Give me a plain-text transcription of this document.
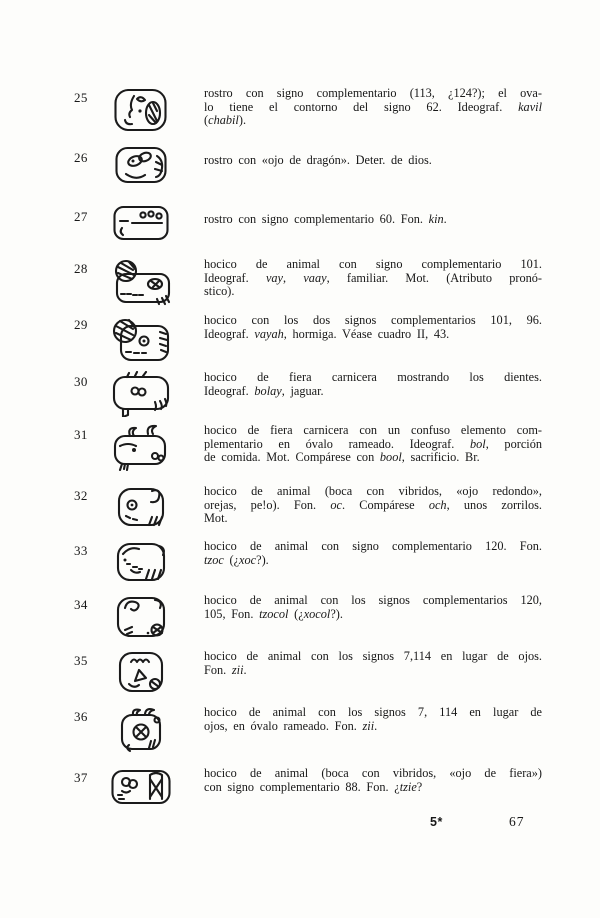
25	rostro con signo complementario (113, ¿124?); el ova-
lo tiene el contorno del signo 62. Ideograf. kavil
(chabil).
26	rostro con «ojo de dragón». Deter. de dios.
27	rostro con signo complementario 60. Fon. kin.
28	hocico de animal con signo complementario 101.
Ideograf. vay, vaay, familiar. Mot. (Atributo pronó-
stico).
29	hocico con los dos signos complementarios 101, 96.
Ideograf. vayah, hormiga. Véase cuadro II, 43.
30	hocico de fiera carnicera mostrando los dientes.
Ideograf. bolay, jaguar.
31	hocico de fiera carnicera con un confuso elemento com-
plementario en óvalo rameado. Ideograf. bol, porción
de comida. Mot. Compárese con bool, sacrificio. Br.
32	hocico de animal (boca con vibridos, «ojo redondo»,
orejas, pe!o). Fon. oc. Compárese och, unos zorrilos.
Mot.
33	hocico de animal con signo complementario 120. Fon.
tzoc (¿xoc?).
34	hocico de animal con los signos complementarios 120,
105, Fon. tzocol (¿xocol?).
35	hocico de animal con los signos 7,114 en lugar de ojos.
Fon. zii.
36	hocico de animal con los signos 7, 114 en lugar de
ojos, en óvalo rameado. Fon. zii.
37	hocico de animal (boca con vibridos, «ojo de fiera»)
con signo complementario 88. Fon. ¿tzie?
5*	67
